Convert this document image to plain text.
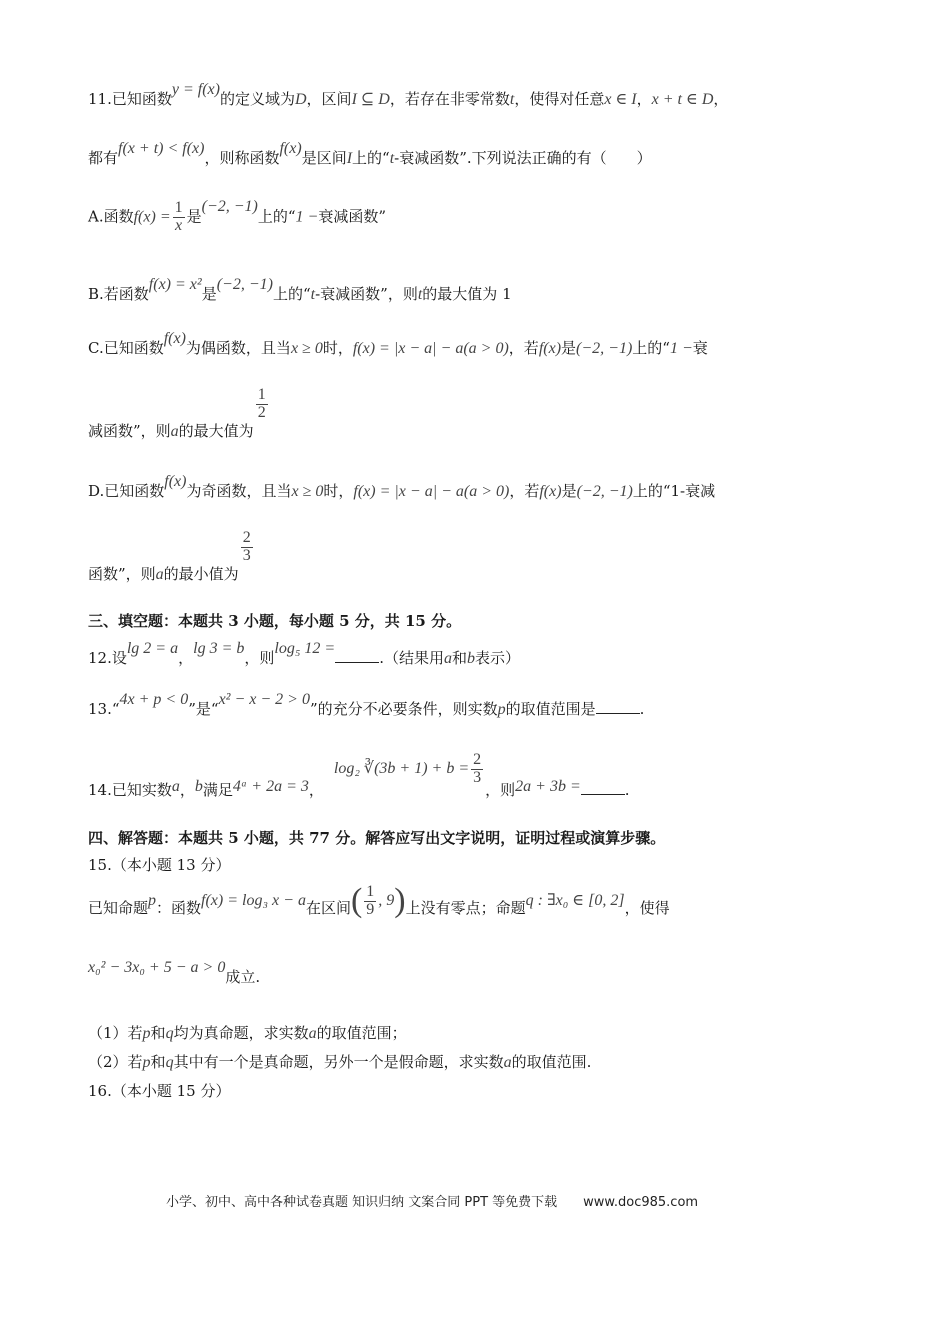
11.已知函数y = f(x)的定义域为D，区间I ⊆ D，若存在非零常数t，使得对任意x ∈ I，x + t ∈ D，
都有f(x + t) < f(x)，则称函数f(x)是区间I上的“t-衰减函数”.下列说法正确的有（　　）
A.函数$f(x) = \frac{1}{x}$ 是(−2, −1)上的“1 −衰减函数”
B.若函数f(x) = x²是(−2, −1)上的“t-衰减函数”，则t的最大值为 1
C.已知函数f(x)为偶函数，且当x ≥ 0时，f(x) = |x − a| − a(a > 0)，若f(x)是(−2, −1)上的“1 −衰
减函数”，则a的最大值为
$\frac{1}{2}$
D.已知函数f(x)为奇函数，且当x ≥ 0时，f(x) = |x − a| − a(a > 0)，若f(x)是(−2, −1)上的“1-衰减
函数”，则a的最小值为
$\frac{2}{3}$
三、填空题：本题共 3 小题，每小题 5 分，共 15 分。
12.设lg 2 = a，lg 3 = b，则log₅ 12 =.（结果用a和b表示）
13.“4x + p < 0”是“x² − x − 2 > 0”的充分不必要条件，则实数p的取值范围是	.
14.已知实数a，b满足4ᵃ + 2a = 3，log₂ ∛(3b + $1) + b = \frac{2}{3}$
，则2a + 3b =	.
四、解答题：本题共 5 小题，共 77 分。解答应写出文字说明，证明过程或演算步骤。
15.（本小题 13 分）
已知命题p：函数f(x) = log₃ x − a在区间( $\frac{1}{9}$ , 9)上没有零点；命题q : ∃x₀ ∈ [0, 2]，使得
x₀² − 3x₀ + 5 − a > 0成立.
（1）若p和q均为真命题，求实数a的取值范围；
（2）若p和q其中有一个是真命题，另外一个是假命题，求实数a的取值范围.
16.（本小题 15 分）
小学、初中、高中各种试卷真题 知识归纳 文案合同 PPT 等免费下载 www.doc985.com
